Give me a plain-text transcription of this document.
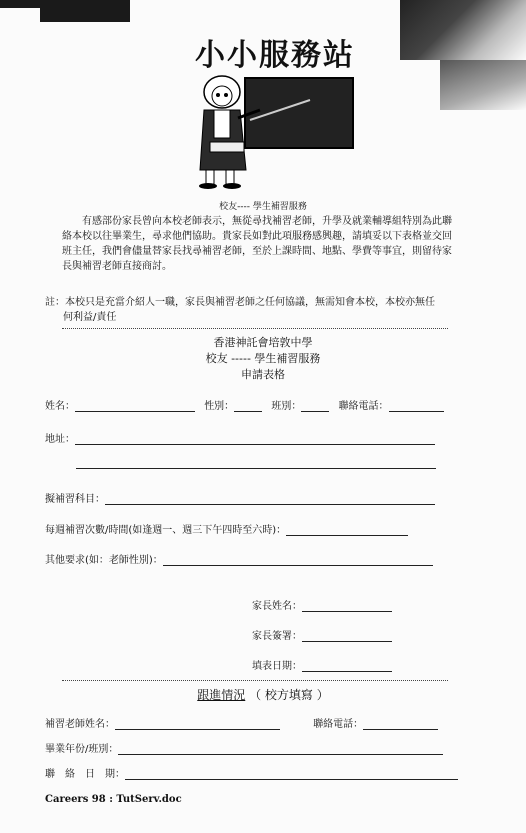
小小服務站
校友---- 學生補習服務
有感部份家長曾向本校老師表示，無從尋找補習老師，升學及就業輔導組特別為此聯絡本校以往畢業生，尋求他們協助。貴家長如對此項服務感興趣，請填妥以下表格並交回班主任，我們會儘量替家長找尋補習老師，至於上課時間、地點、學費等事宜，則留待家長與補習老師直接商討。
註：本校只是充當介紹人一職，家長與補習老師之任何協議，無需知會本校，本校亦無任
何利益/責任
香港神託會培敦中學
校友 ----- 學生補習服務
申請表格
姓名：	性別：	班別：	聯絡電話：
地址：
擬補習科目：
每週補習次數/時間(如逢週一、週三下午四時至六時)：
其他要求(如：老師性別)：
家長姓名：
家長簽署：
填表日期：
跟進情況 （ 校方填寫 ）
補習老師姓名：	聯絡電話：
畢業年份/班別：
聯　絡　日　期：
Careers 98 : TutServ.doc
